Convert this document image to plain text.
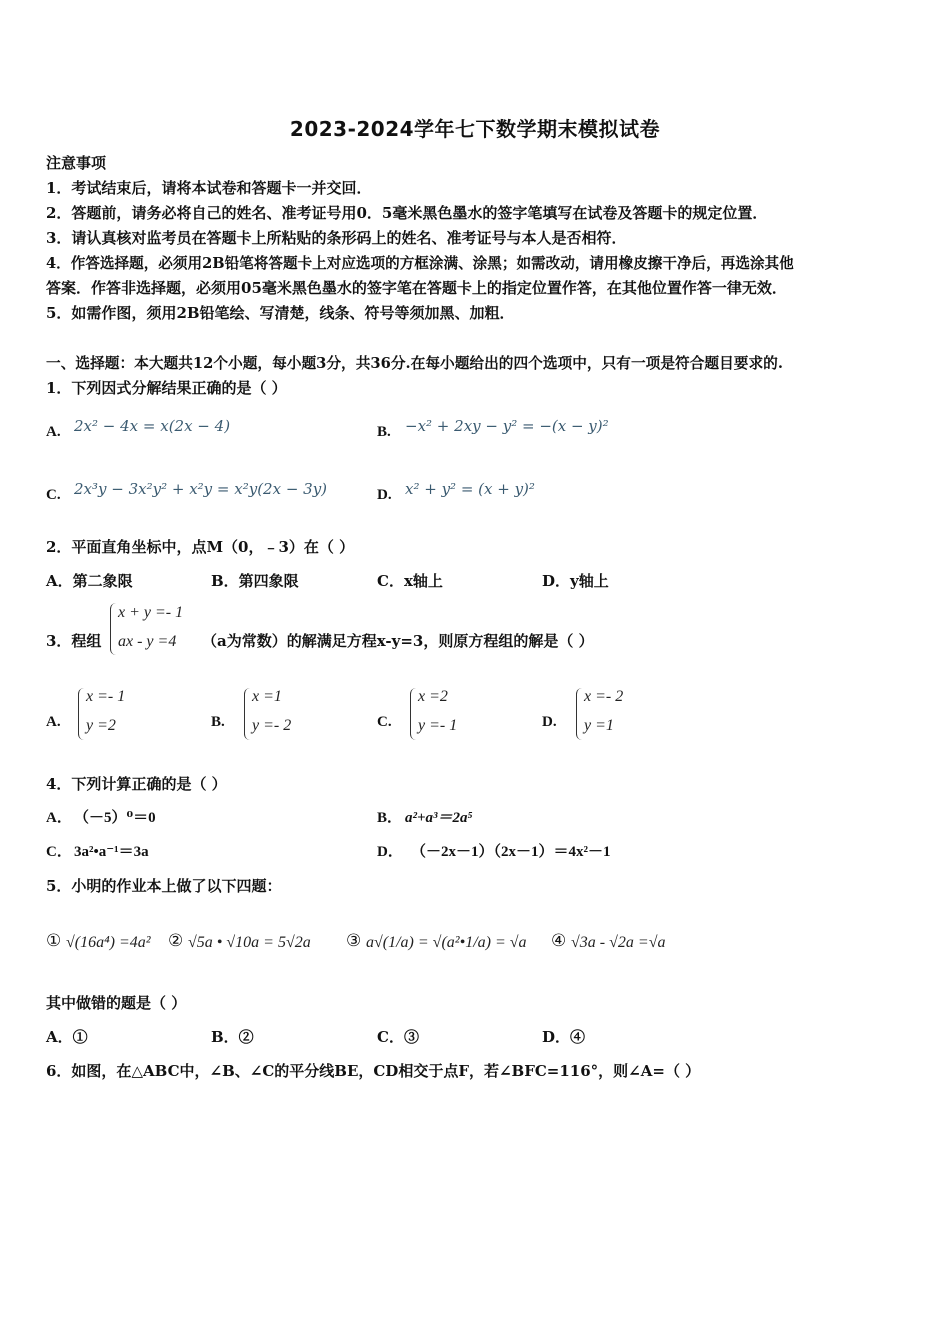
2023-2024学年七下数学期末模拟试卷
注意事项
1．考试结束后，请将本试卷和答题卡一并交回．
2．答题前，请务必将自己的姓名、准考证号用0．5毫米黑色墨水的签字笔填写在试卷及答题卡的规定位置．
3．请认真核对监考员在答题卡上所粘贴的条形码上的姓名、准考证号与本人是否相符．
4．作答选择题，必须用2B铅笔将答题卡上对应选项的方框涂满、涂黑；如需改动，请用橡皮擦干净后，再选涂其他
答案．作答非选择题，必须用05毫米黑色墨水的签字笔在答题卡上的指定位置作答，在其他位置作答一律无效．
5．如需作图，须用2B铅笔绘、写清楚，线条、符号等须加黑、加粗．
一、选择题：本大题共12个小题，每小题3分，共36分.在每小题给出的四个选项中，只有一项是符合题目要求的.
1．下列因式分解结果正确的是（ ）
A. 2x² − 4x = x(2x − 4)	B. −x² + 2xy − y² = −(x − y)²
C. 2x³y − 3x²y² + x²y = x²y(2x − 3y)	D. x² + y² = (x + y)²
2．平面直角坐标中，点M（0，﹣3）在（ ）
A．第二象限	B．第四象限	C．x轴上	D．y轴上
3．程组
x + y =- 1
ax - y =4 （a为常数）的解满足方程x-y=3，则原方程组的解是（ ）
A.
x =- 1
y =2	B.
x =1
y =- 2	C.
x =2
y =- 1	D.
x =- 2
y =1
4．下列计算正确的是（ ）
A． （－5）⁰＝0	B． a²+a³＝2a⁵
C． 3a²•a⁻¹＝3a	D． （－2x－1）（2x－1）＝4x²－1
5．小明的作业本上做了以下四题：
① √(16a⁴) =4a² ② √5a • √10a = 5√2a ③ a√(1/a) = √(a²•1/a) = √a ④ √3a - √2a =√a
其中做错的题是（ ）
A．①	B．②	C．③	D．④
6．如图，在△ABC中，∠B、∠C的平分线BE，CD相交于点F，若∠BFC=116°，则∠A=（ ）
